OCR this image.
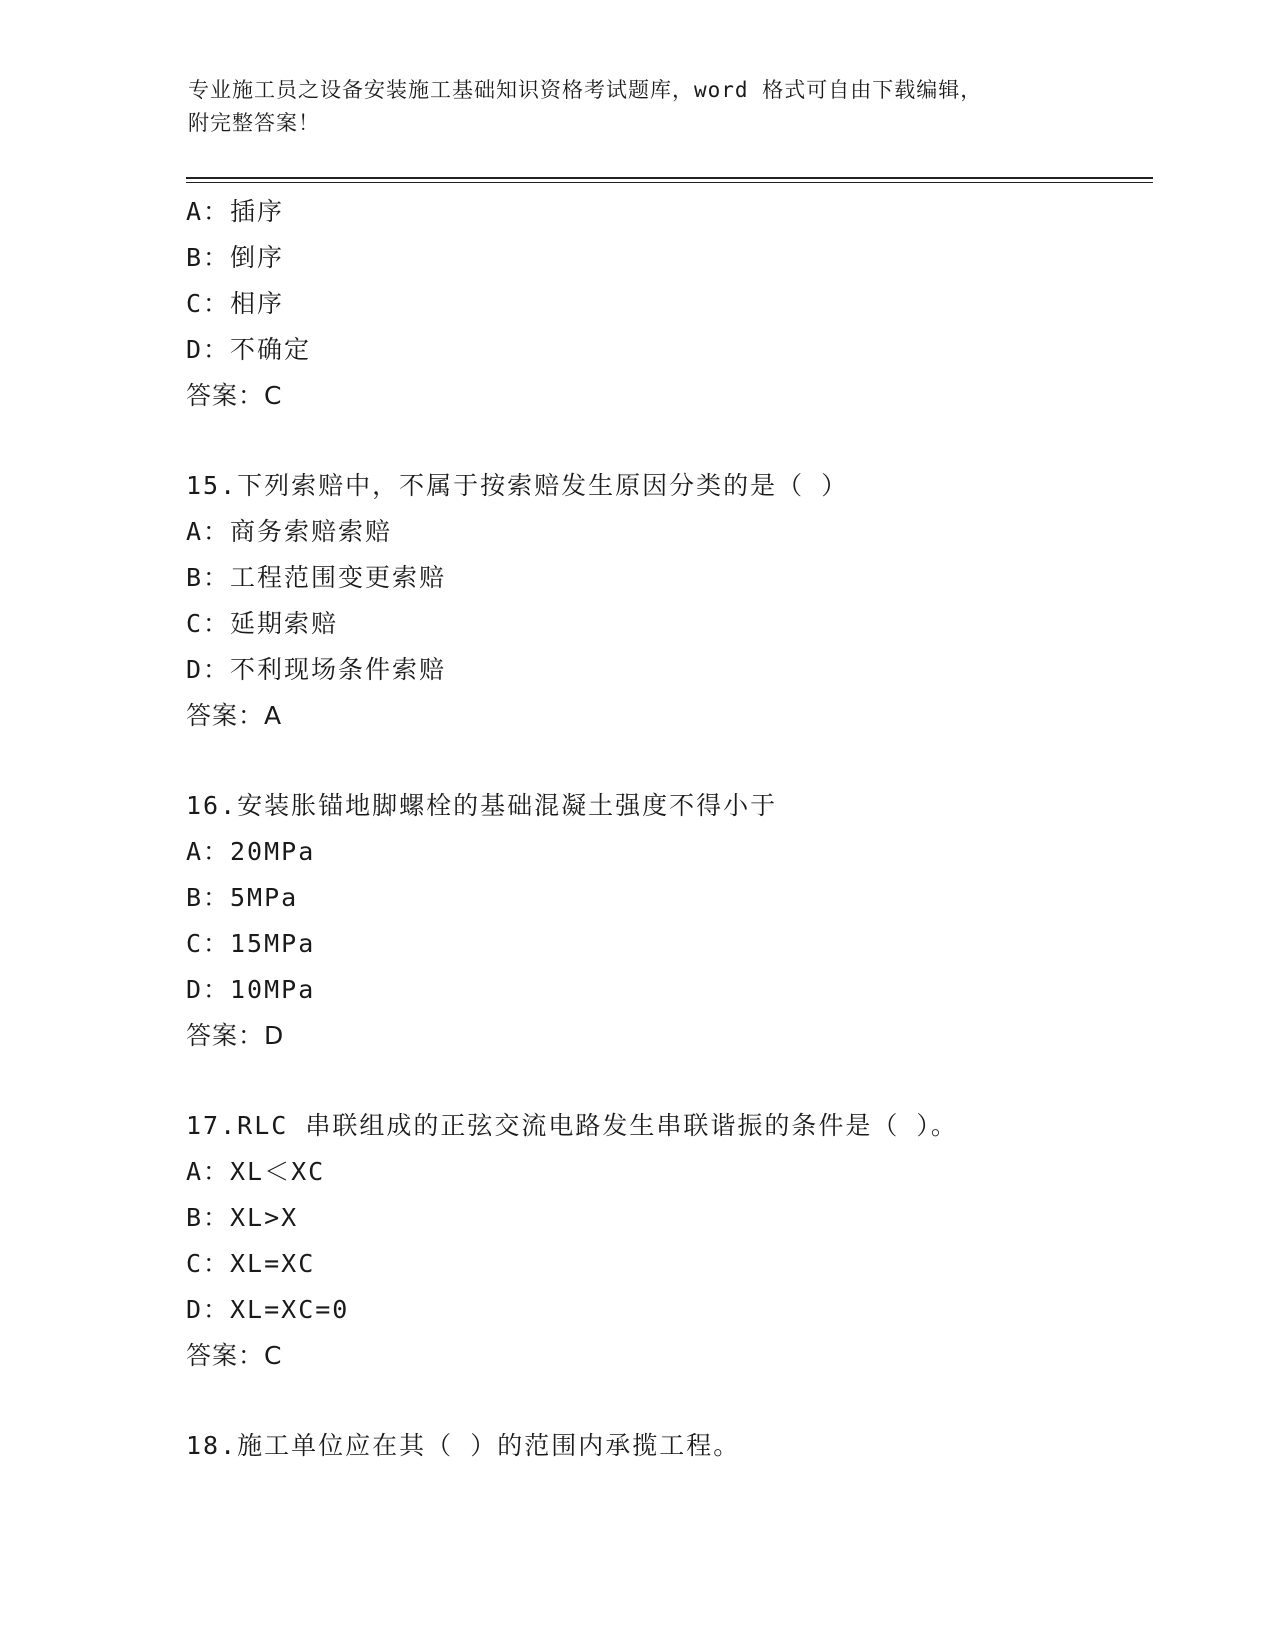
专业施工员之设备安装施工基础知识资格考试题库，word 格式可自由下载编辑，
附完整答案！
A：插序
B：倒序
C：相序
D：不确定
答案：C
15.下列索赔中，不属于按索赔发生原因分类的是（ ）
A：商务索赔索赔
B：工程范围变更索赔
C：延期索赔
D：不利现场条件索赔
答案：A
16.安装胀锚地脚螺栓的基础混凝土强度不得小于
A：20MPa
B：5MPa
C：15MPa
D：10MPa
答案：D
17.RLC 串联组成的正弦交流电路发生串联谐振的条件是（ ）。
A：XL＜XC
B：XL>X
C：XL=XC
D：XL=XC=0
答案：C
18.施工单位应在其（ ）的范围内承揽工程。
